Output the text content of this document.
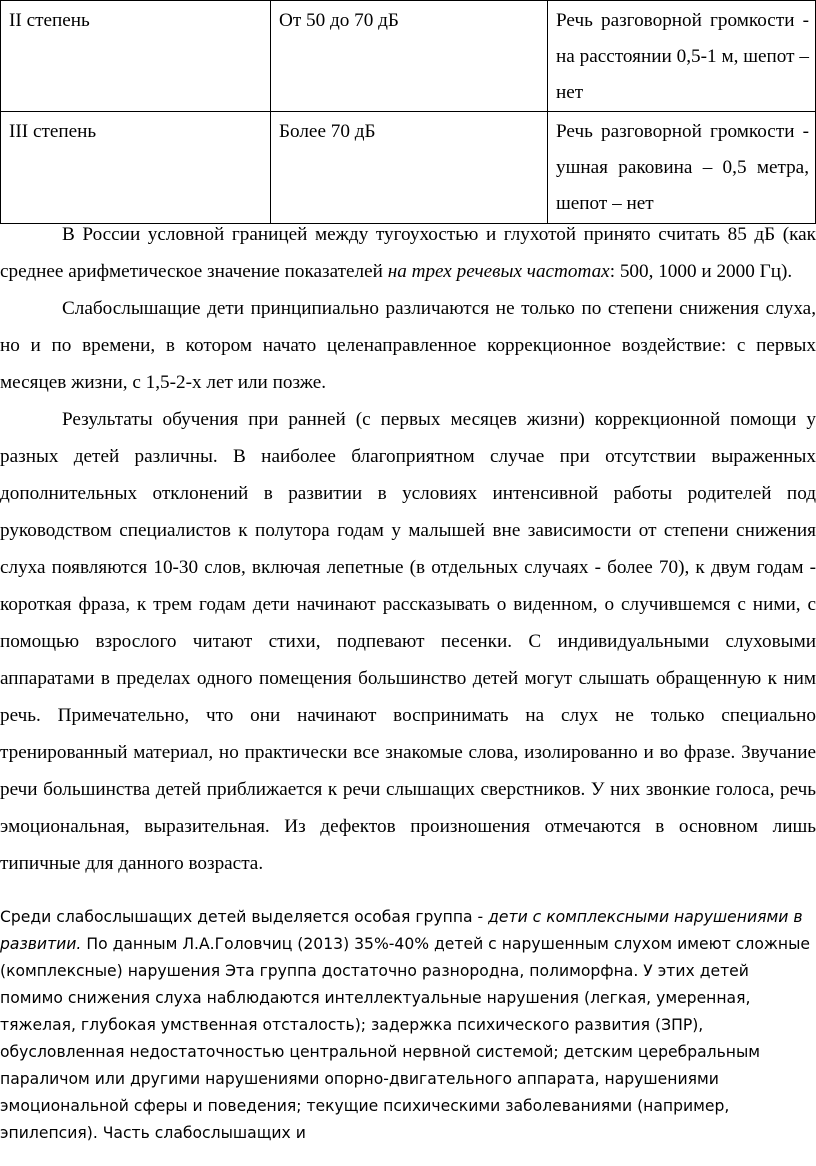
II степень	От 50 до 70 дБ	Речь разговорной громкости - на расстоянии 0,5-1 м, шепот – нет
III степень	Более 70 дБ	Речь разговорной громкости - ушная раковина – 0,5 метра, шепот – нет

В России условной границей между тугоухостью и глухотой принято считать 85 дБ (как среднее арифметическое значение показателей на трех речевых частотах: 500, 1000 и 2000 Гц).

Слабослышащие дети принципиально различаются не только по степени снижения слуха, но и по времени, в котором начато целенаправленное коррекционное воздействие: с первых месяцев жизни, с 1,5-2-х лет или позже.

Результаты обучения при ранней (с первых месяцев жизни) коррекционной помощи у разных детей различны. В наиболее благоприятном случае при отсутствии выраженных дополнительных отклонений в развитии в условиях интенсивной работы родителей под руководством специалистов к полутора годам у малышей вне зависимости от степени снижения слуха появляются 10-30 слов, включая лепетные (в отдельных случаях - более 70), к двум годам - короткая фраза, к трем годам дети начинают рассказывать о виденном, о случившемся с ними, с помощью взрослого читают стихи, подпевают песенки. С индивидуальными слуховыми аппаратами в пределах одного помещения большинство детей могут слышать обращенную к ним речь. Примечательно, что они начинают воспринимать на слух не только специально тренированный материал, но практически все знакомые слова, изолированно и во фразе. Звучание речи большинства детей приближается к речи слышащих сверстников. У них звонкие голоса, речь эмоциональная, выразительная. Из дефектов произношения отмечаются в основном лишь типичные для данного возраста.

Среди слабослышащих детей выделяется особая группа - дети с комплексными нарушениями в развитии. По данным Л.А.Головчиц (2013) 35%-40% детей с нарушенным слухом имеют сложные (комплексные) нарушения Эта группа достаточно разнородна, полиморфна. У этих детей помимо снижения слуха наблюдаются интеллектуальные нарушения (легкая, умеренная, тяжелая, глубокая умственная отсталость); задержка психического развития (ЗПР), обусловленная недостаточностью центральной нервной системой; детским церебральным параличом или другими нарушениями опорно-двигательного аппарата, нарушениями эмоциональной сферы и поведения; текущие психическими заболеваниями (например, эпилепсия). Часть слабослышащих и
